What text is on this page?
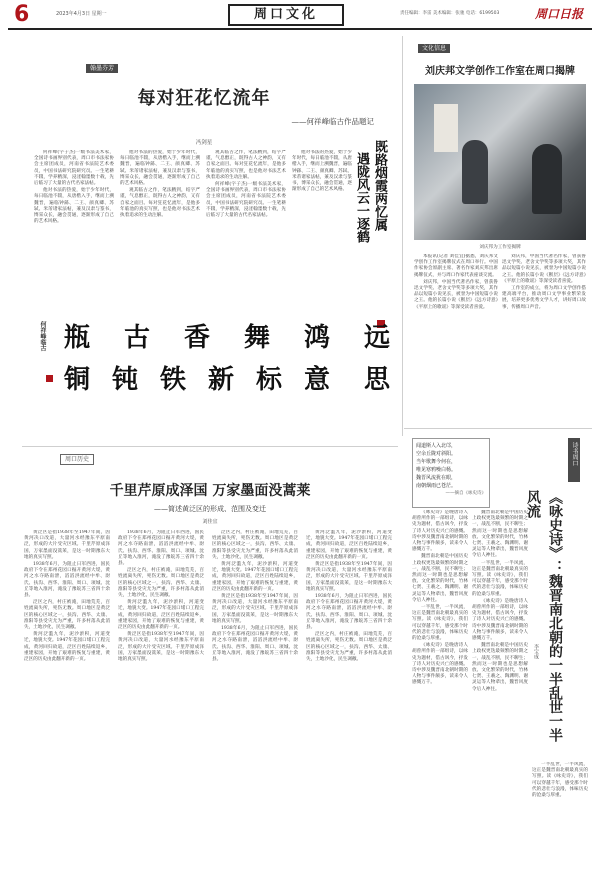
6	2023年4月3日 星期一	周口文化	责任编辑：李雷 美术编辑：张驰 电话：6199503	周口日报
翰墨芬芳
每对狂花忆流年
——何祥峰临古作品题记
冯剑星

何祥峰(字子杰)一级书法美术家，全国诗书画界别代表，周口市书法家协会主席团成员，河南省书法院艺术委员，中国书法研究院研究员。一生笔耕不辍，学养精深，浸淫翰墨数十载，先后临习了大量的古代名家法帖。

他对书法的热爱，始于少年时代，每日临池不辍，从唐楷入手，继而上溯魏晋，遍临钟繇、二王、颜真卿、苏轼、米芾诸家法帖，兼及汉隶与篆书，博采众长，融会贯通，逐渐形成了自己的艺术风格。

他对书法的热爱，始于少年时代，每日临池不辍，从唐楷入手，继而上溯魏晋，遍临钟繇、二王、颜真卿、苏轼、米芾诸家法帖，兼及汉隶与篆书，博采众长，融会贯通，逐渐形成了自己的艺术风格。

观其临古之作，笔法精到，结字严谨，气息醇正，既得古人之神韵，又有自家之面目。每对狂花忆流年，是他多年临池的真实写照，也是他对书法艺术执着追求的生动注解。

观其临古之作，笔法精到，结字严谨，气息醇正，既得古人之神韵，又有自家之面目。每对狂花忆流年，是他多年临池的真实写照，也是他对书法艺术执着追求的生动注解。

何祥峰(字子杰)一级书法美术家，全国诗书画界别代表，周口市书法家协会主席团成员，河南省书法院艺术委员，中国书法研究院研究员。一生笔耕不辍，学养精深，浸淫翰墨数十载，先后临习了大量的古代名家法帖。

他对书法的热爱，始于少年时代，每日临池不辍，从唐楷入手，继而上溯魏晋，遍临钟繇、二王、颜真卿、苏轼、米芾诸家法帖，兼及汉隶与篆书，博采众长，融会贯通，逐渐形成了自己的艺术风格。	既路烟霞两忆属
遇陇风云一逐鹤
何祥峰临古 瓶 古 香 舞 鸿 远
铜 钝 铁 新 标 意 思
文化信息
刘庆邦文学创作工作室在周口揭牌
刘庆邦为工作室揭牌

本报讯(记者 刘佳宜)据悉，刘庆邦文学创作工作室揭牌仪式在周口举行。中国作家协会原副主席、著名作家刘庆邦出席揭牌仪式，并与周口作家代表座谈交流。

刘庆邦，中国当代著名作家，曾获鲁迅文学奖、老舍文学奖等多项大奖，其作品以短篇小说见长，被誉为中国短篇小说之王。他的长篇小说《断层》《远方诗意》《平原上的歌谣》等深受读者喜爱。

刘庆邦，中国当代著名作家，曾获鲁迅文学奖、老舍文学奖等多项大奖，其作品以短篇小说见长，被誉为中国短篇小说之王。他的长篇小说《断层》《远方诗意》《平原上的歌谣》等深受读者喜爱。

工作室的成立，将为周口文学创作搭建高端平台，推动周口文学事业繁荣发展，培养更多优秀文学人才，讲好周口故事，传播周口声音。

周口历史
千里芹原成泽国 万家墨面没蒿莱
——简述黄泛区的形成、范围及变迁
刘佳宜

黄泛区是指1938年至1947年间，因黄河决口改道，大量河水经豫东平原南泛，形成的大片受灾区域。千里芹原成泽国，万家墨面没蒿莱，是这一时期豫东大地的真实写照。

1938年6月，为阻止日军西进，国民政府下令在郑州花园口掘开黄河大堤，黄河之水夺路南泄，滔滔洪流经中牟、尉氏、扶沟、西华、淮阳、周口、项城、沈丘等地入淮河，淹没了豫皖苏三省四十余县。

泛区之内，村庄被淹，田地荒芜，百姓流离失所，死伤无数。周口地区是黄泛区的核心区域之一，扶沟、西华、太康、淮阳等县受灾尤为严重，许多村落从此消失，土地沙化，民生凋敝。

黄河泛滥九年，泥沙淤积，河道变迁，地貌大变。1947年花园口堵口工程完成，黄河回归故道，泛区百姓陆续返乡，重建家园，开始了艰难的恢复与重建，黄泛区的历史由此翻开新的一页。

1938年6月，为阻止日军西进，国民政府下令在郑州花园口掘开黄河大堤，黄河之水夺路南泄，滔滔洪流经中牟、尉氏、扶沟、西华、淮阳、周口、项城、沈丘等地入淮河，淹没了豫皖苏三省四十余县。

泛区之内，村庄被淹，田地荒芜，百姓流离失所，死伤无数。周口地区是黄泛区的核心区域之一，扶沟、西华、太康、淮阳等县受灾尤为严重，许多村落从此消失，土地沙化，民生凋敝。

黄河泛滥九年，泥沙淤积，河道变迁，地貌大变。1947年花园口堵口工程完成，黄河回归故道，泛区百姓陆续返乡，重建家园，开始了艰难的恢复与重建，黄泛区的历史由此翻开新的一页。

黄泛区是指1938年至1947年间，因黄河决口改道，大量河水经豫东平原南泛，形成的大片受灾区域。千里芹原成泽国，万家墨面没蒿莱，是这一时期豫东大地的真实写照。

泛区之内，村庄被淹，田地荒芜，百姓流离失所，死伤无数。周口地区是黄泛区的核心区域之一，扶沟、西华、太康、淮阳等县受灾尤为严重，许多村落从此消失，土地沙化，民生凋敝。

黄河泛滥九年，泥沙淤积，河道变迁，地貌大变。1947年花园口堵口工程完成，黄河回归故道，泛区百姓陆续返乡，重建家园，开始了艰难的恢复与重建，黄泛区的历史由此翻开新的一页。

黄泛区是指1938年至1947年间，因黄河决口改道，大量河水经豫东平原南泛，形成的大片受灾区域。千里芹原成泽国，万家墨面没蒿莱，是这一时期豫东大地的真实写照。

1938年6月，为阻止日军西进，国民政府下令在郑州花园口掘开黄河大堤，黄河之水夺路南泄，滔滔洪流经中牟、尉氏、扶沟、西华、淮阳、周口、项城、沈丘等地入淮河，淹没了豫皖苏三省四十余县。

黄河泛滥九年，泥沙淤积，河道变迁，地貌大变。1947年花园口堵口工程完成，黄河回归故道，泛区百姓陆续返乡，重建家园，开始了艰难的恢复与重建，黄泛区的历史由此翻开新的一页。

黄泛区是指1938年至1947年间，因黄河决口改道，大量河水经豫东平原南泛，形成的大片受灾区域。千里芹原成泽国，万家墨面没蒿莱，是这一时期豫东大地的真实写照。

1938年6月，为阻止日军西进，国民政府下令在郑州花园口掘开黄河大堤，黄河之水夺路南泄，滔滔洪流经中牟、尉氏、扶沟、西华、淮阳、周口、项城、沈丘等地入淮河，淹没了豫皖苏三省四十余县。

泛区之内，村庄被淹，田地荒芜，百姓流离失所，死伤无数。周口地区是黄泛区的核心区域之一，扶沟、西华、太康、淮阳等县受灾尤为严重，许多村落从此消失，土地沙化，民生凋敝。

闻道斯人入北邙，
空余丘陇对斜阳。
当年歌舞今何在，
唯见寒鸦噪白杨。
魏晋风流犹在眼，
南朝烟雨已苍茫。
——摘自《咏史诗》
诗书周口
《咏史诗》：魏晋南北朝的一半乱世一半风流
李宝成

《咏史诗》是晚唐诗人胡曾所作的一部组诗，以咏史为题材，借古讽今，抒发了诗人对历史兴亡的感慨。诗中涉及魏晋南北朝时期的人物与事件颇多，读来令人感慨万千。

魏晋南北朝是中国历史上政权更迭最频繁的时期之一，战乱不断，民不聊生；然而这一时期也是思想解放、文化繁荣的时代，竹林七贤、王羲之、陶渊明、谢灵运等人物辈出，魏晋风度令后人神往。

一半乱世，一半风流，这正是魏晋南北朝最真实的写照。读《咏史诗》，我们可以穿越千年，感受那个时代的悲壮与浪漫，体味历史的沧桑与厚重。

《咏史诗》是晚唐诗人胡曾所作的一部组诗，以咏史为题材，借古讽今，抒发了诗人对历史兴亡的感慨。诗中涉及魏晋南北朝时期的人物与事件颇多，读来令人感慨万千。

魏晋南北朝是中国历史上政权更迭最频繁的时期之一，战乱不断，民不聊生；然而这一时期也是思想解放、文化繁荣的时代，竹林七贤、王羲之、陶渊明、谢灵运等人物辈出，魏晋风度令后人神往。

一半乱世，一半风流，这正是魏晋南北朝最真实的写照。读《咏史诗》，我们可以穿越千年，感受那个时代的悲壮与浪漫，体味历史的沧桑与厚重。

《咏史诗》是晚唐诗人胡曾所作的一部组诗，以咏史为题材，借古讽今，抒发了诗人对历史兴亡的感慨。诗中涉及魏晋南北朝时期的人物与事件颇多，读来令人感慨万千。

魏晋南北朝是中国历史上政权更迭最频繁的时期之一，战乱不断，民不聊生；然而这一时期也是思想解放、文化繁荣的时代，竹林七贤、王羲之、陶渊明、谢灵运等人物辈出，魏晋风度令后人神往。

一半乱世，一半风流，这正是魏晋南北朝最真实的写照。读《咏史诗》，我们可以穿越千年，感受那个时代的悲壮与浪漫，体味历史的沧桑与厚重。
